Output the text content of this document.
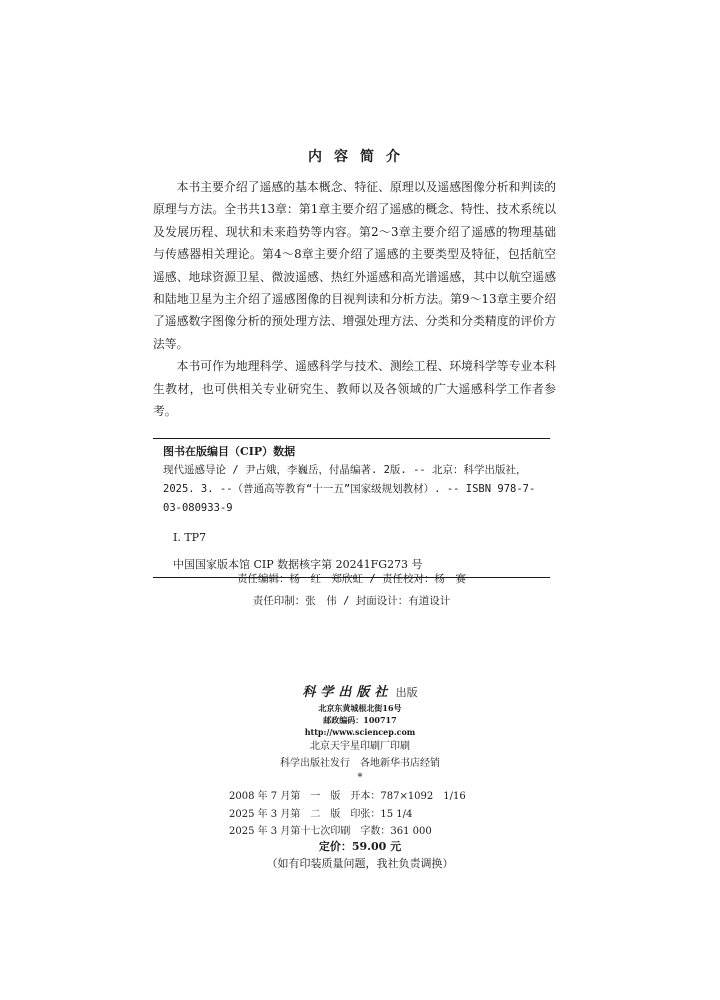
内容简介

本书主要介绍了遥感的基本概念、特征、原理以及遥感图像分析和判读的原理与方法。全书共13章：第1章主要介绍了遥感的概念、特性、技术系统以及发展历程、现状和未来趋势等内容。第2～3章主要介绍了遥感的物理基础与传感器相关理论。第4～8章主要介绍了遥感的主要类型及特征，包括航空遥感、地球资源卫星、微波遥感、热红外遥感和高光谱遥感，其中以航空遥感和陆地卫星为主介绍了遥感图像的目视判读和分析方法。第9～13章主要介绍了遥感数字图像分析的预处理方法、增强处理方法、分类和分类精度的评价方法等。

本书可作为地理科学、遥感科学与技术、测绘工程、环境科学等专业本科生教材，也可供相关专业研究生、教师以及各领域的广大遥感科学工作者参考。

图书在版编目（CIP）数据
现代遥感导论 / 尹占娥，李巍岳，付晶编著. 2版. -- 北京：科学出版社，2025. 3. --（普通高等教育“十一五”国家级规划教材）. -- ISBN 978-7-03-080933-9
Ⅰ. TP7
中国国家版本馆 CIP 数据核字第 20241FG273 号
责任编辑：杨　红　郑欣虹 / 责任校对：杨　赛
责任印制：张　伟 / 封面设计：有道设计
科学出版社 出版
北京东黄城根北街16号
邮政编码：100717
http://www.sciencep.com
北京天宇星印刷厂印刷
科学出版社发行　各地新华书店经销
*
2008 年 7 月第　一　版　 开本：787×1092　1/16
2025 年 3 月第　二　版　 印张：15 1/4
2025 年 3 月第十七次印刷　 字数：361 000
定价：59.00 元
（如有印装质量问题，我社负责调换）
